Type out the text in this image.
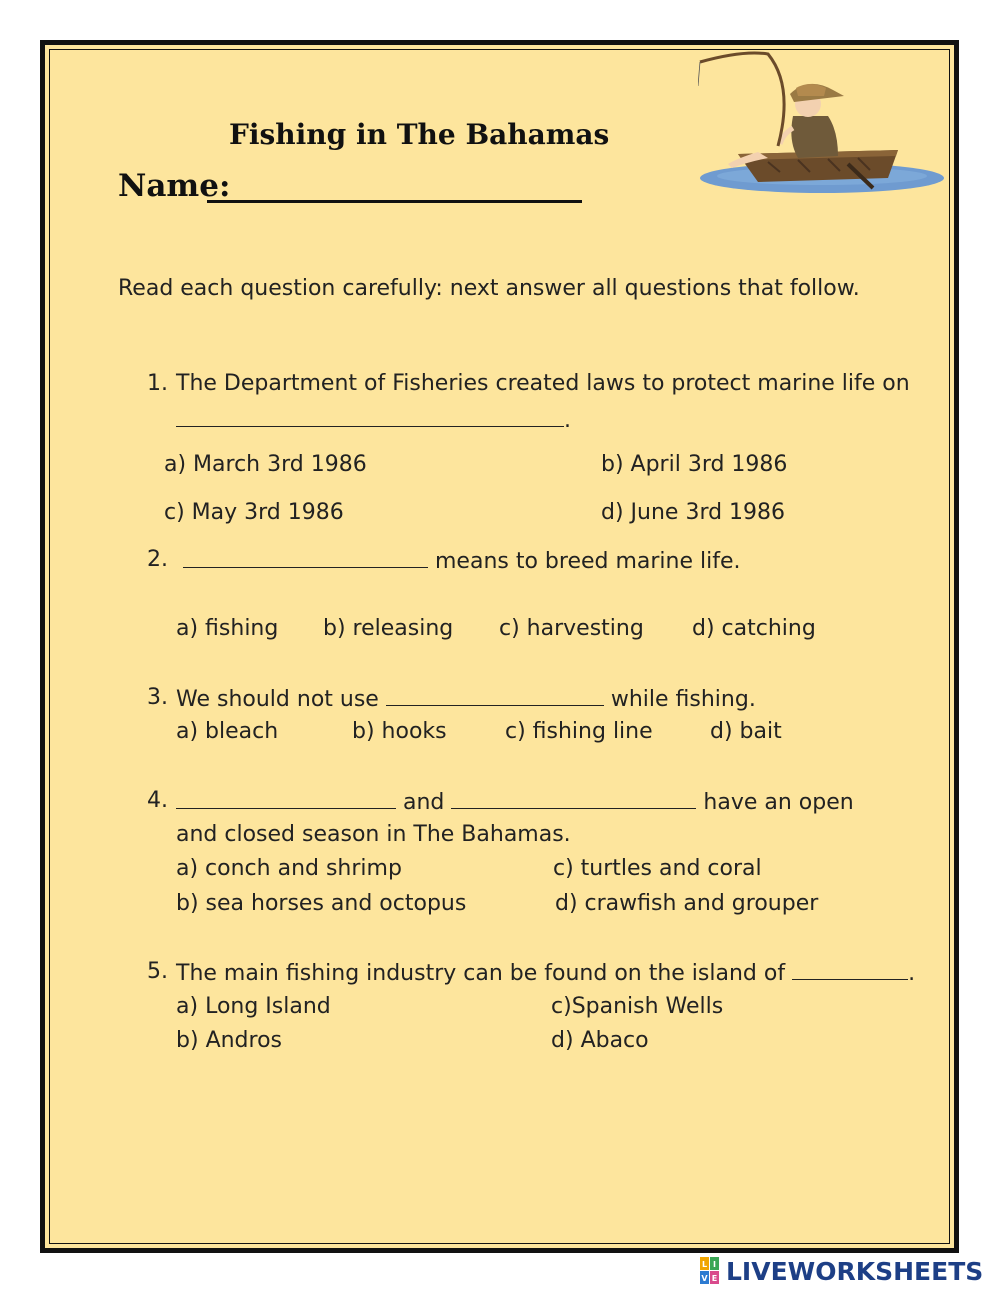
Fishing in The Bahamas
Name:
Read each question carefully: next answer all questions that follow.
1. The Department of Fisheries created laws to protect marine life on
.
a) March 3rd 1986	b) April 3rd 1986
c) May 3rd 1986	d) June 3rd 1986
2.	means to breed marine life.
a) fishing b) releasing c) harvesting d) catching
3. We should not use	while fishing.
a) bleach	b) hooks	c) fishing line	d) bait
4.	and	have an open
and closed season in The Bahamas.
a) conch and shrimp	c) turtles and coral
b) sea horses and octopus	d) crawfish and grouper
5. The main fishing industry can be found on the island of	.
a) Long Island	c)Spanish Wells
b) Andros	d) Abaco
L I
V E LIVEWORKSHEETS
